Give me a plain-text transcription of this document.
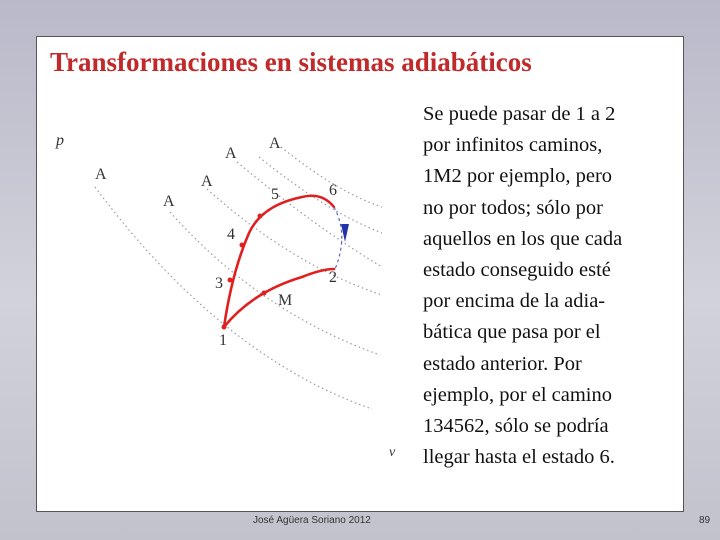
Transformaciones en sistemas adiabáticos
A
A
A
A
A
p
v
1
3
4
5	6
2
M
Se puede pasar de 1 a 2
por infinitos caminos,
1M2 por ejemplo, pero
no por todos; sólo por
aquellos en los que cada
estado conseguido esté
por encima de la adia-
bática que pasa por el
estado anterior. Por
ejemplo, por el camino
134562, sólo se podría
llegar hasta el estado 6.
José Agüera Soriano 2012	89
